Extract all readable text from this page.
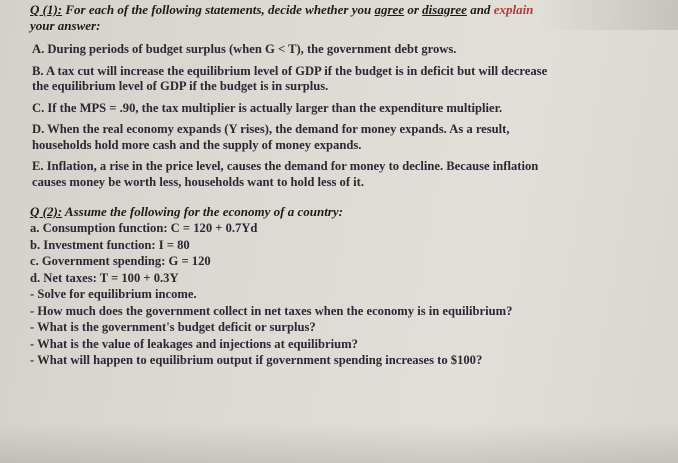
Q (1): For each of the following statements, decide whether you agree or disagree and explain
your answer:
A. During periods of budget surplus (when G < T), the government debt grows.
B. A tax cut will increase the equilibrium level of GDP if the budget is in deficit but will decrease
the equilibrium level of GDP if the budget is in surplus.
C. If the MPS = .90, the tax multiplier is actually larger than the expenditure multiplier.
D. When the real economy expands (Y rises), the demand for money expands. As a result,
households hold more cash and the supply of money expands.
E. Inflation, a rise in the price level, causes the demand for money to decline. Because inflation
causes money be worth less, households want to hold less of it.
Q (2): Assume the following for the economy of a country:
a. Consumption function: C = 120 + 0.7Yd
b. Investment function: I = 80
c. Government spending: G = 120
d. Net taxes: T = 100 + 0.3Y
- Solve for equilibrium income.
- How much does the government collect in net taxes when the economy is in equilibrium?
- What is the government's budget deficit or surplus?
- What is the value of leakages and injections at equilibrium?
- What will happen to equilibrium output if government spending increases to $100?
